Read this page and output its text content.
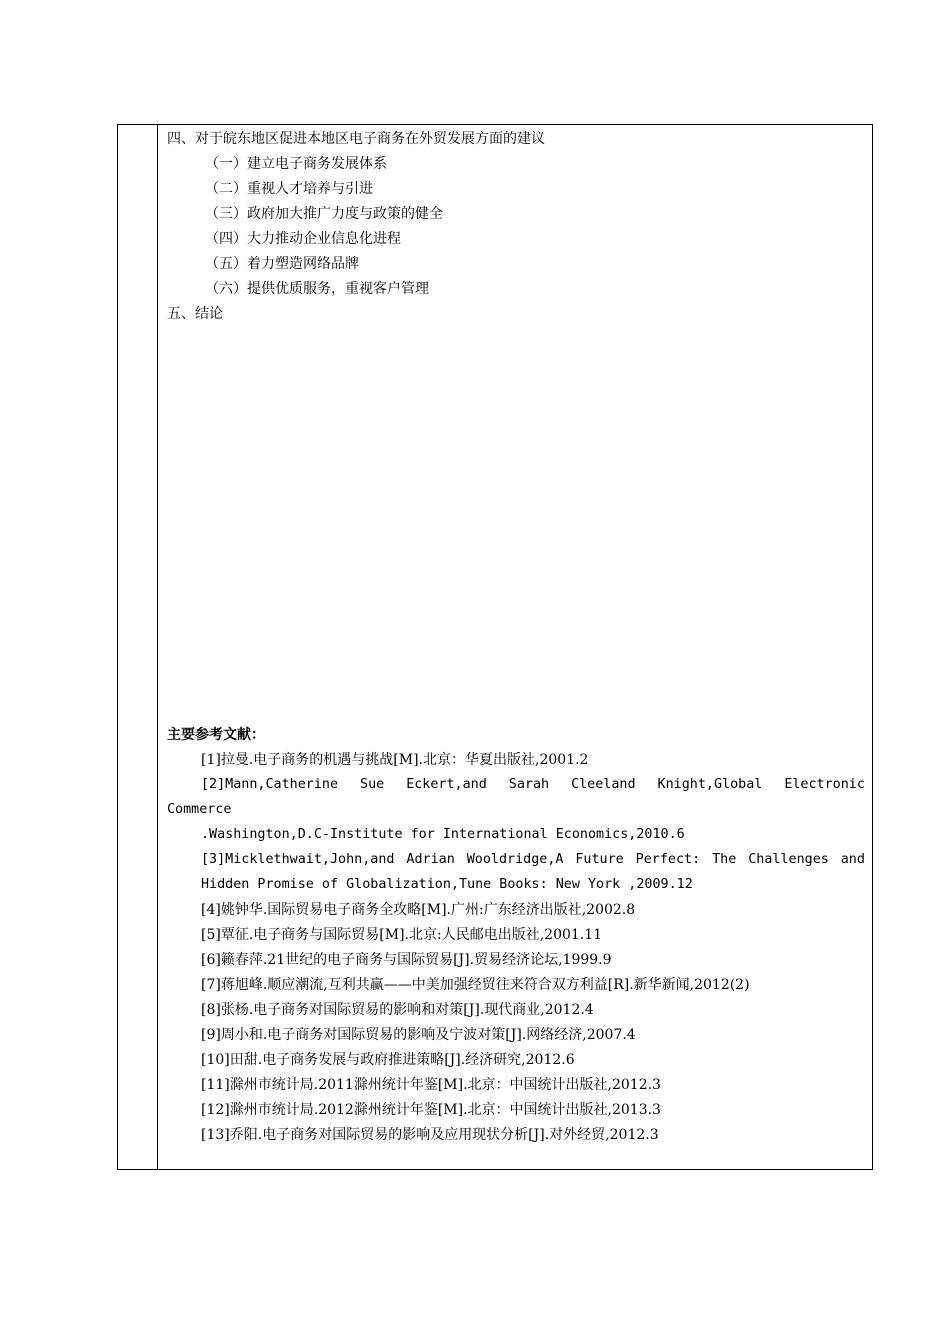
四、对于皖东地区促进本地区电子商务在外贸发展方面的建议
（一）建立电子商务发展体系
（二）重视人才培养与引进
（三）政府加大推广力度与政策的健全
（四）大力推动企业信息化进程
（五）着力塑造网络品牌
（六）提供优质服务，重视客户管理
五、结论
主要参考文献：
[1]拉曼.电子商务的机遇与挑战[M].北京：华夏出版社,2001.2
[2]Mann,Catherine Sue Eckert,and Sarah Cleeland Knight,Global Electronic
Commerce
.Washington,D.C-Institute for International Economics,2010.6
[3]Micklethwait,John,and Adrian Wooldridge,A Future Perfect: The Challenges and
Hidden Promise of Globalization,Tune Books: New York ,2009.12
[4]姚钟华.国际贸易电子商务全攻略[M].广州:广东经济出版社,2002.8
[5]覃征.电子商务与国际贸易[M].北京:人民邮电出版社,2001.11
[6]籁春萍.21世纪的电子商务与国际贸易[J].贸易经济论坛,1999.9
[7]蒋旭峰.顺应潮流,互利共赢——中美加强经贸往来符合双方利益[R].新华新闻,2012(2)
[8]张杨.电子商务对国际贸易的影响和对策[J].现代商业,2012.4
[9]周小和.电子商务对国际贸易的影响及宁波对策[J].网络经济,2007.4
[10]田甜.电子商务发展与政府推进策略[J].经济研究,2012.6
[11]滁州市统计局.2011滁州统计年鉴[M].北京：中国统计出版社,2012.3
[12]滁州市统计局.2012滁州统计年鉴[M].北京：中国统计出版社,2013.3
[13]乔阳.电子商务对国际贸易的影响及应用现状分析[J].对外经贸,2012.3
